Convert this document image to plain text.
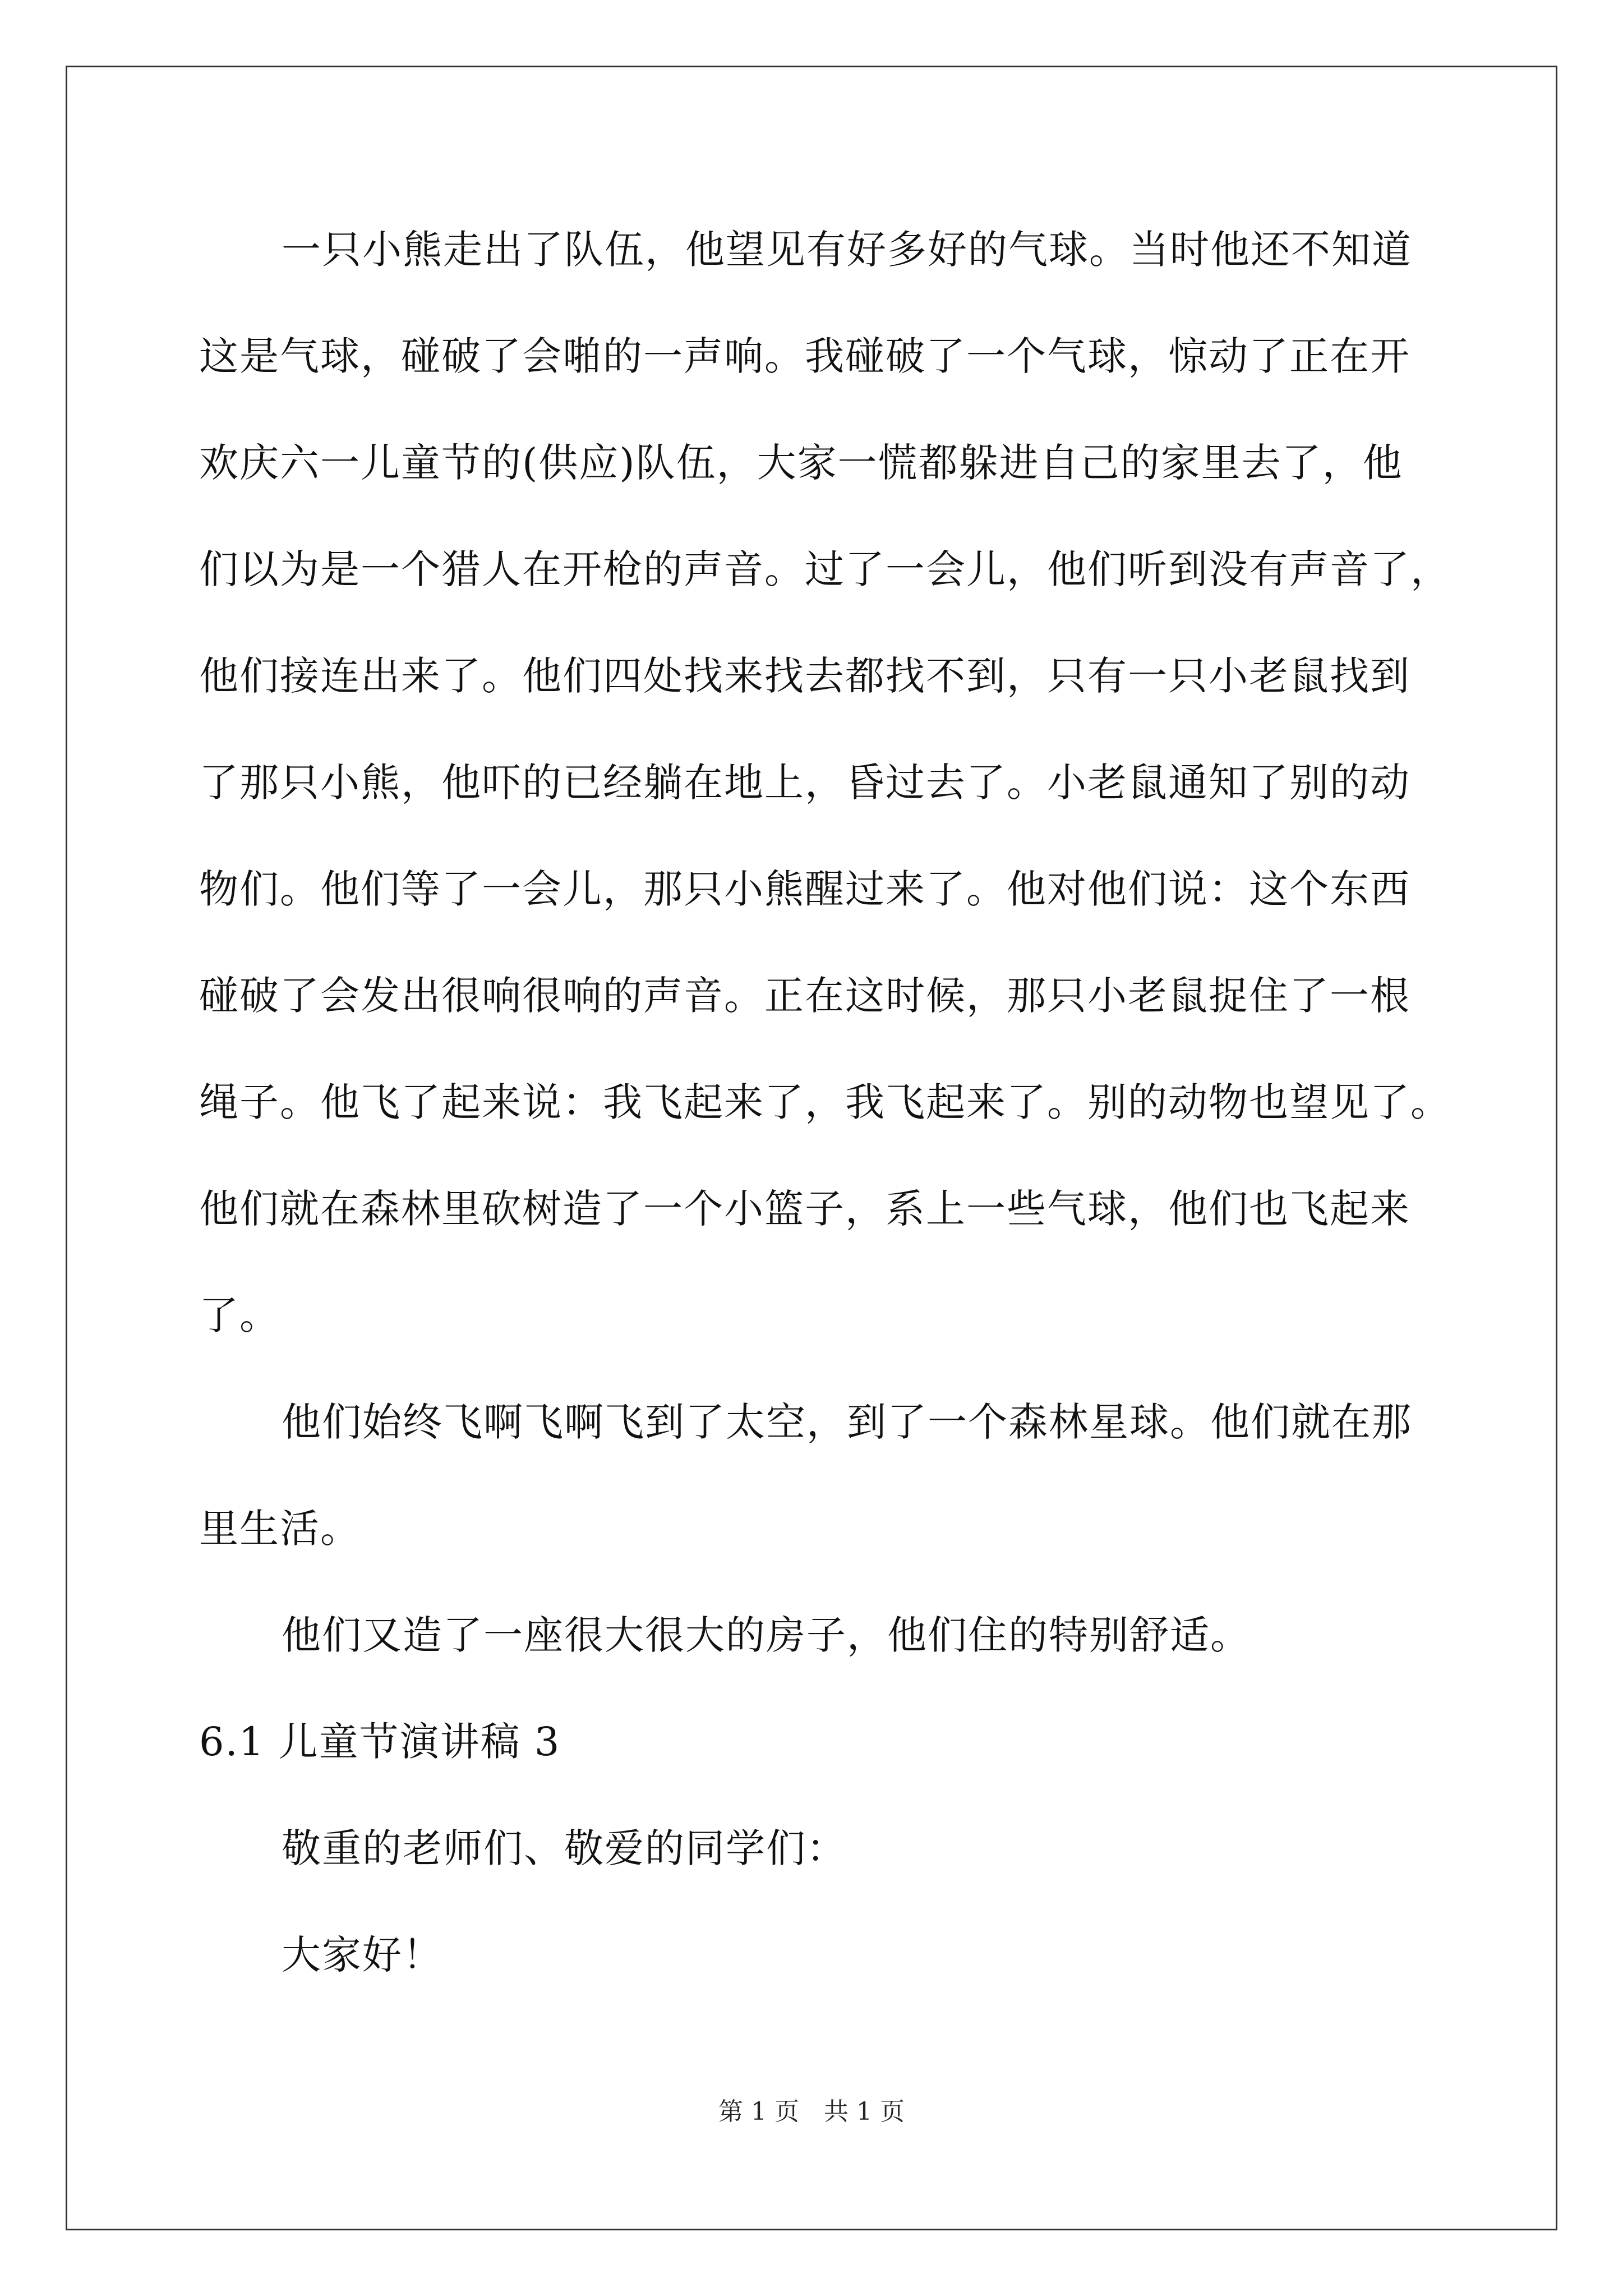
一只小熊走出了队伍，他望见有好多好的气球。当时他还不知道
这是气球，碰破了会啪的一声响。我碰破了一个气球，惊动了正在开
欢庆六一儿童节的(供应)队伍，大家一慌都躲进自己的家里去了，他
们以为是一个猎人在开枪的声音。过了一会儿，他们听到没有声音了，
他们接连出来了。他们四处找来找去都找不到，只有一只小老鼠找到
了那只小熊，他吓的已经躺在地上，昏过去了。小老鼠通知了别的动
物们。他们等了一会儿，那只小熊醒过来了。他对他们说：这个东西
碰破了会发出很响很响的声音。正在这时候，那只小老鼠捉住了一根
绳子。他飞了起来说：我飞起来了，我飞起来了。别的动物也望见了。
他们就在森林里砍树造了一个小篮子，系上一些气球，他们也飞起来
了。
他们始终飞啊飞啊飞到了太空，到了一个森林星球。他们就在那
里生活。
他们又造了一座很大很大的房子，他们住的特别舒适。
6.1 儿童节演讲稿 3
敬重的老师们、敬爱的同学们：
大家好！
第 1 页　共 1 页
